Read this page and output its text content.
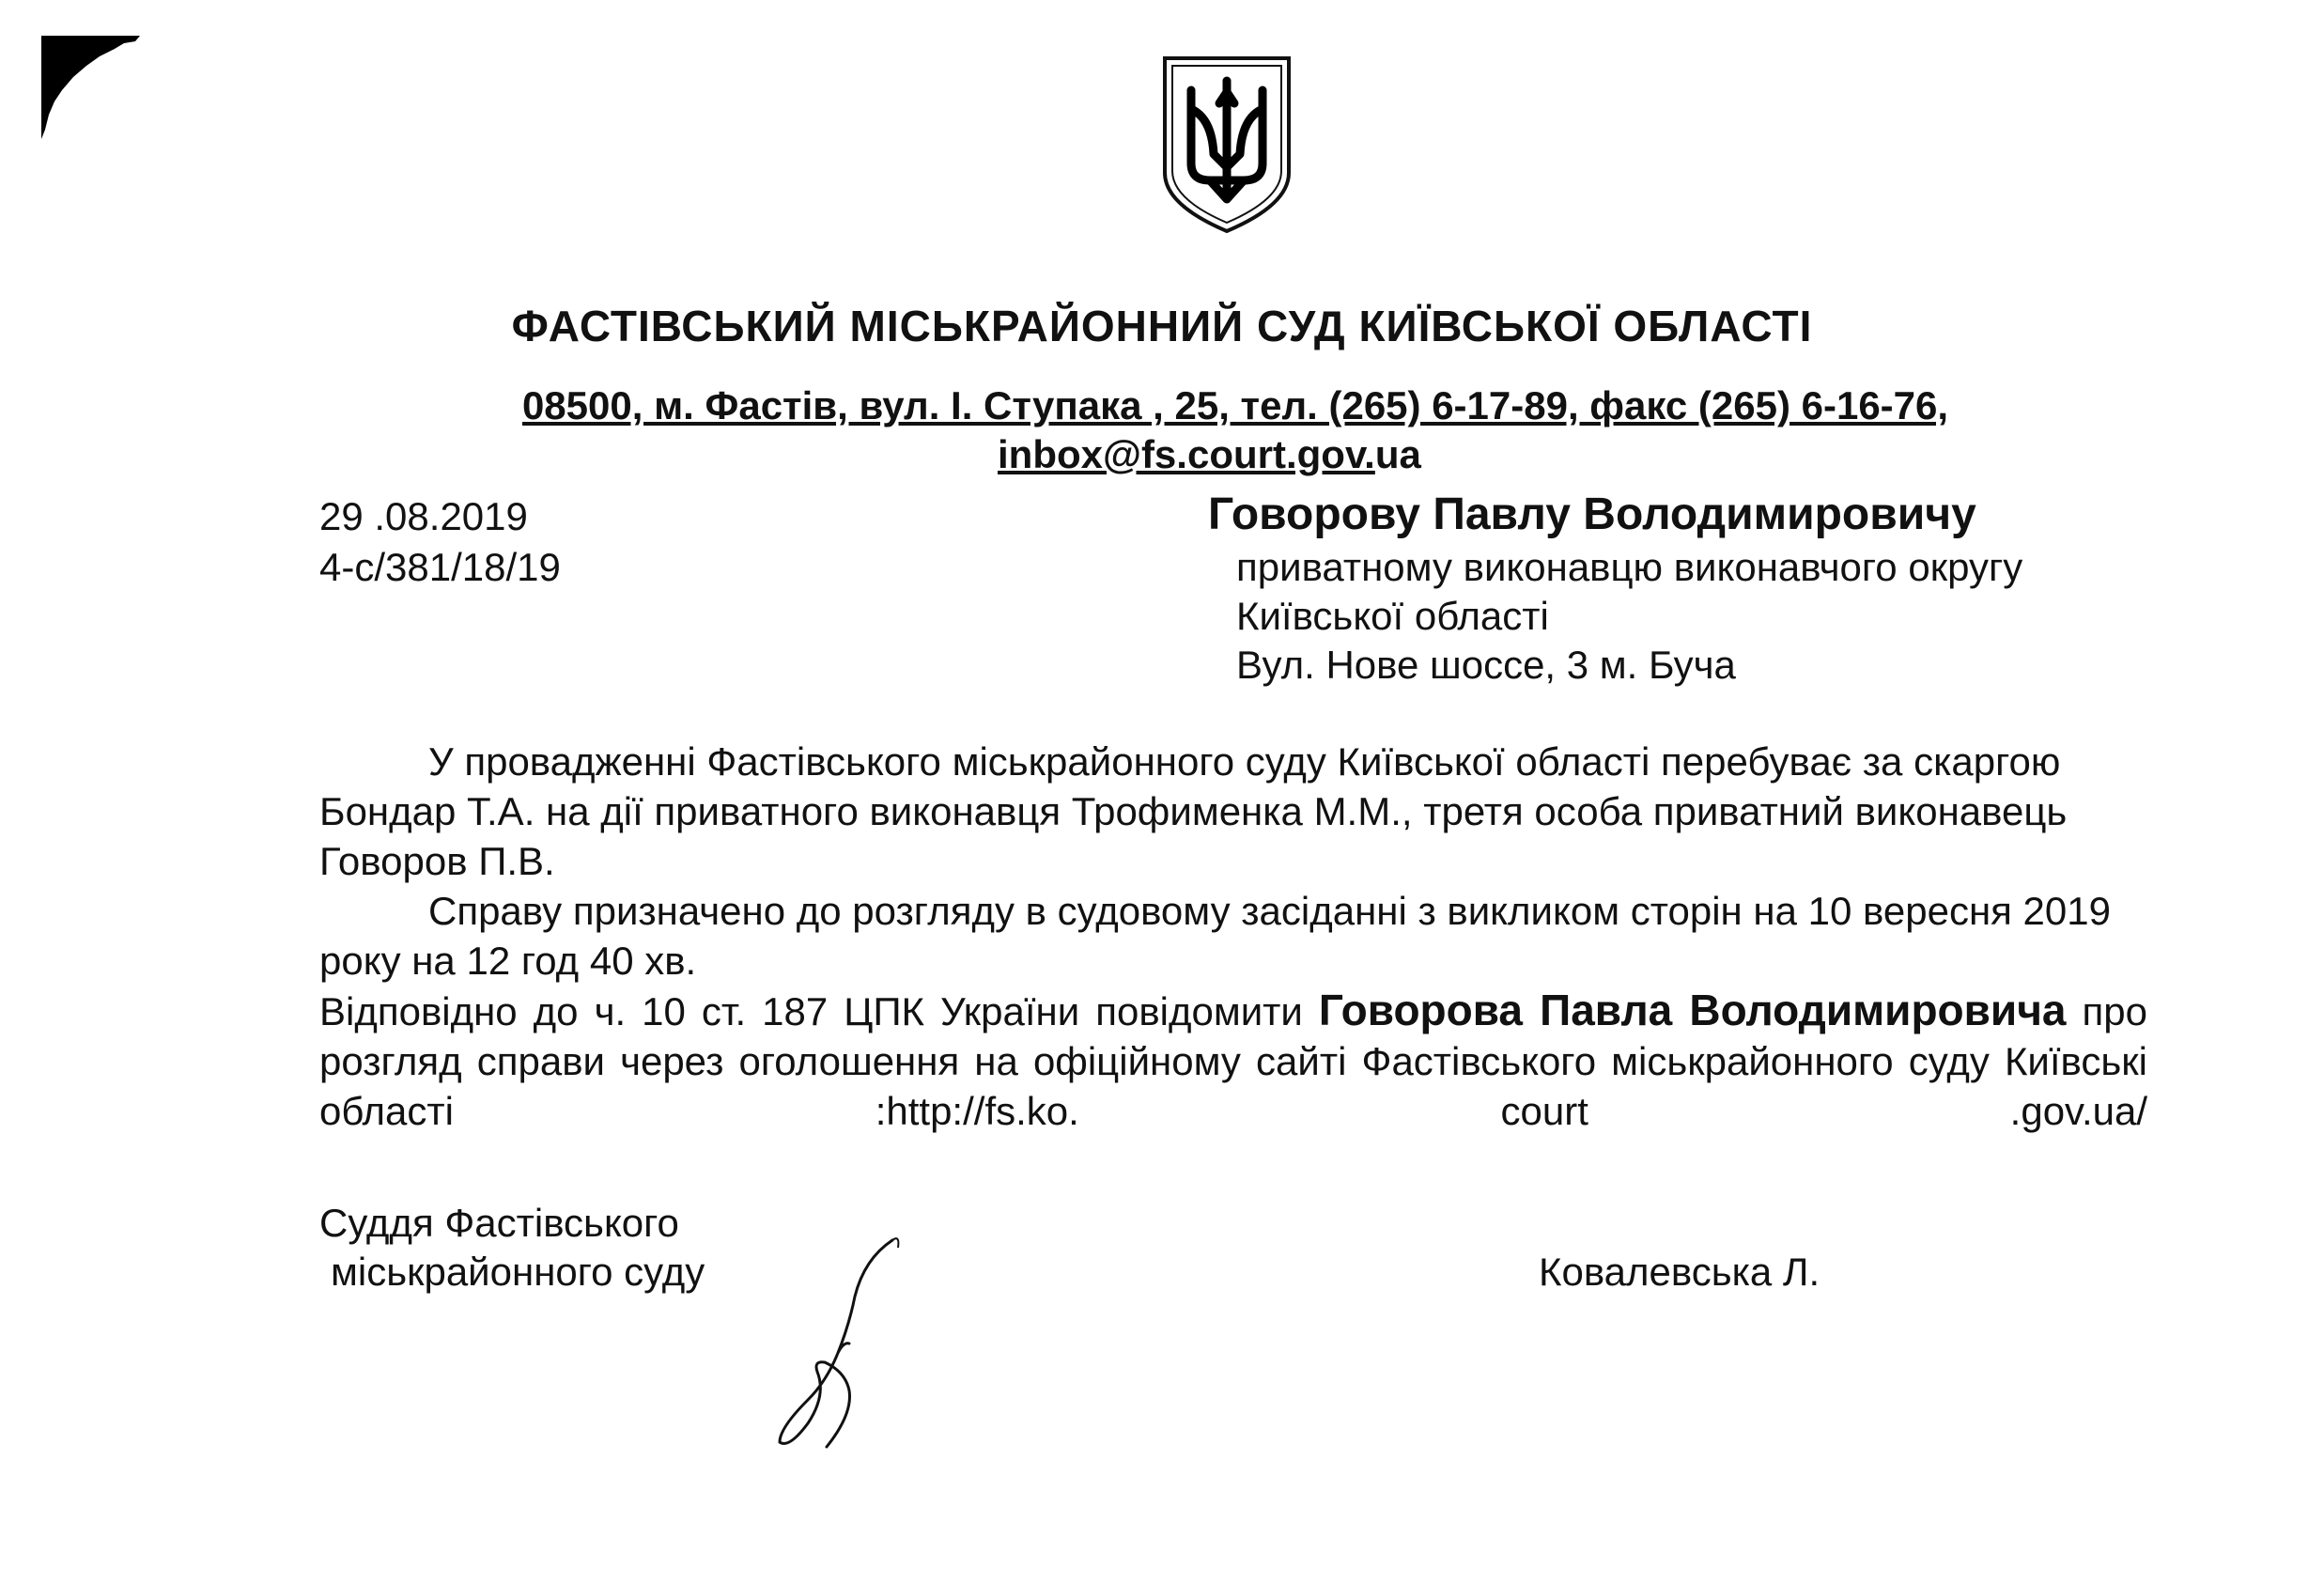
ФАСТІВСЬКИЙ МІСЬКРАЙОННИЙ СУД КИЇВСЬКОЇ ОБЛАСТІ
08500, м. Фастів, вул. І. Ступака , 25, тел. (265) 6-17-89, факс (265) 6-16-76,
inbox@fs.court.gov.ua
29 .08.2019
4-с/381/18/19
Говорову Павлу Володимировичу
приватному виконавцю виконавчого округу
Київської області
Вул. Нове шоссе, 3 м. Буча

У провадженні Фастівського міськрайонного суду Київської області перебуває за скаргою Бондар Т.А. на дії приватного виконавця Трофименка М.М., третя особа приватний виконавець Говоров П.В.

Справу призначено до розгляду в судовому засіданні з викликом сторін на 10 вересня 2019 року на 12 год 40 хв.

Відповідно до ч. 10 ст. 187 ЦПК України повідомити Говорова Павла Володимировича про розгляд справи через оголошення на офіційному сайті Фастівського міськрайонного суду Київські області :http://fs.ko. court .gov.ua/

Суддя Фастівського
міськрайонного суду	Ковалевська Л.
